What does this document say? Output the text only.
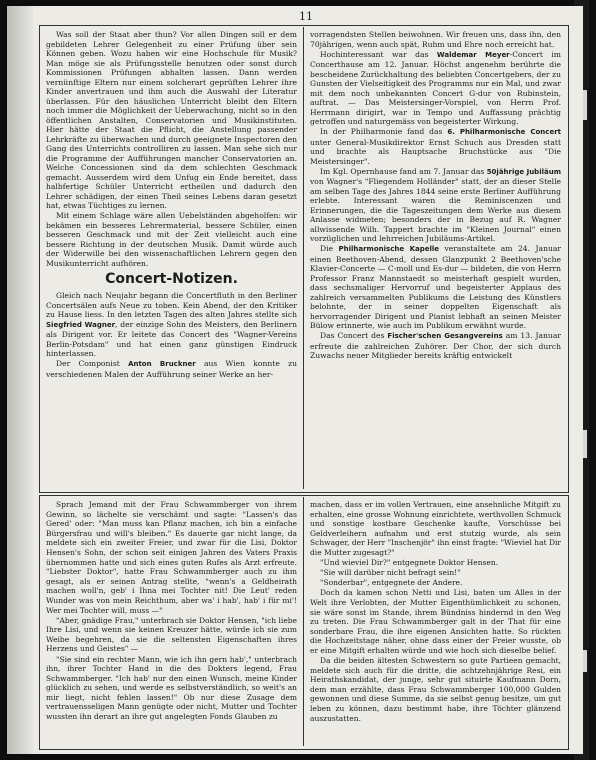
11

Was soll der Staat aber thun? Vor allen Dingen soll er dem gebildeten Lehrer Gelegenheit zu einer Prüfung über sein Können geben. Wozu haben wir eine Hochschule für Musik? Man möge sie als Prüfungsstelle benutzen oder sonst durch Kommissionen Prüfungen abhalten lassen. Dann werden vernünftige Eltern nur einem solcherart geprüften Lehrer ihre Kinder anvertrauen und ihm auch die Auswahl der Literatur überlassen. Für den häuslichen Unterricht bleibt den Eltern noch immer die Möglichkeit der Ueberwachung, nicht so in den öffentlichen Anstalten, Conservatorien und Musikinstituten. Hier hätte der Staat die Pflicht, die Anstellung passender Lehrkräfte zu überwachen und durch geeignete Inspectoren den Gang des Unterrichts controlliren zu lassen. Man sehe sich nur die Programme der Aufführungen mancher Conservatorien an. Welche Concessionen sind da dem schlechten Geschmack gemacht. Ausserdem wird dem Unfug ein Ende bereitet, dass halbfertige Schüler Unterricht ertheilen und dadurch den Lehrer schädigen, der einen Theil seines Lebens daran gesetzt hat, etwas Tüchtiges zu lernen.

Mit einem Schlage wäre allen Uebelständen abgeholfen: wir bekämen ein besseres Lehrermaterial, bessere Schüler, einen besseren Geschmack und mit der Zeit vielleicht auch eine bessere Richtung in der deutschen Musik. Damit würde auch der Widerwille bei den wissenschaftlichen Lehrern gegen den Musikunterricht aufhören.

Concert-Notizen.

Gleich nach Neujahr begann die Concertfluth in den Berliner Concertsälen aufs Neue zu toben. Kein Abend, der den Kritiker zu Hause liess. In den letzten Tagen des alten Jahres stellte sich Siegfried Wagner, der einzige Sohn des Meisters, den Berlinern als Dirigent vor. Er leitete das Concert des "Wagner-Vereins Berlin-Potsdam" und hat einen ganz günstigen Eindruck hinterlassen.

Der Componist Anton Bruckner aus Wien konnte zu verschiedenen Malen der Aufführung seiner Werke an her-

vorragendsten Stellen beiwohnen. Wir freuen uns, dass ihn, den 70jährigen, wenn auch spät, Ruhm und Ehre noch erreicht hat.

Hochinteressant war das Waldemar Meyer-Concert im Concerthause am 12. Januar. Höchst angenehm berührte die bescheidene Zurückhaltung des beliebten Concertgebers, der zu Gunsten der Vielseitigkeit des Programms nur ein Mal, und zwar mit dem noch unbekannten Concert G-dur von Rubinstein, auftrat. — Das Meistersinger-Vorspiel, von Herrn Prof. Herrmann dirigirt, war in Tempo und Auffassung prächtig getroffen und naturgemäss von begeisterter Wirkung.

In der Philharmonie fand das 6. Philharmonische Concert unter General-Musikdirektor Ernst Schuch aus Dresden statt und brachte als Hauptsache Bruchstücke aus "Die Meistersinger".

Im Kgl. Opernhause fand am 7. Januar das 50jährige Jubiläum von Wagner's "Fliegendem Holländer" statt, der an dieser Stelle am selben Tage des Jahres 1844 seine erste Berliner Aufführung erlebte. Interessant waren die Reminiscenzen und Erinnerungen, die die Tageszeitungen dem Werke aus diesem Anlasse widmeten; besonders der in Bezug auf R. Wagner allwissende Wilh. Tappert brachte im "Kleinen Journal" einen vorzüglichen und lehrreichen Jubiläums-Artikel.

Die Philharmonische Kapelle veranstaltete am 24. Januar einen Beethoven-Abend, dessen Glanzpunkt 2 Beethoven'sche Klavier-Concerte — C-moll und Es-dur — bildeten, die von Herrn Professor Franz Mannstaedt so meisterhaft gespielt wurden, dass sechsmaliger Hervorruf und begeisterter Applaus des zahlreich versammelten Publikums die Leistung des Künstlers belohnte, der in seiner doppelten Eigenschaft als hervorragender Dirigent und Pianist lebhaft an seinen Meister Bülow erinnerte, wie auch im Publikum erwähnt wurde.

Das Concert des Fischer'schen Gesangvereins am 13. Januar erfreute die zahlreichen Zuhörer. Der Chor, der sich durch Zuwachs neuer Mitglieder bereits kräftig entwickelt

Sprach Jemand mit der Frau Schwammberger von ihrem Gewinn, so lächelte sie verschämt und sagte: "Lassen's das Gered' oder: "Man muss kan Pflanz machen, ich bin a einfache Bürgersfrau und will's bleiben." Es dauerte gar nicht lange, da meldete sich ein zweiter Freier, und zwar für die Lisi, Doktor Hensen's Sohn, der schon seit einigen Jahren des Vaters Praxis übernommen hatte und sich eines guten Rufes als Arzt erfreute. "Liebster Doktor", hatte Frau Schwammberger auch zu ihm gesagt, als er seinen Antrag stellte, "wenn's a Geldheirath machen woll'n, geb' i Ihna mei Tochter nit! Die Leut' reden Wunder was von mein Reichthum, aber wa' i hab', hab' i für mi'! Wer mei Tochter will, muss —"

"Aber, gnädige Frau," unterbrach sie Doktor Hensen, "ich liebe Ihre Lisi, und wenn sie keinen Kreuzer hätte, würde ich sie zum Weibe begehren, da sie die seltensten Eigenschaften ihres Herzens und Geistes" —

"Sie sind ein rechter Mann, wie ich ihn gern hab'," unterbrach ihn, ihrer Tochter Hand in die des Dokters legend, Frau Schwammberger. "Ich hab' nur den einen Wunsch, meine Kinder glücklich zu sehen, und werde es selbstverständlich, so weit's an mir liegt, nicht fehlen lassen!" Ob nur diese Zusage dem vertrauensseligen Mann genügte oder nicht, Mutter und Tochter wussten ihn derart an ihre gut angelegten Fonds Glauben zu

machen, dass er im vollen Vertrauen, eine ansehnliche Mitgift zu erhalten, eine grosse Wohnung einrichtete, werthvollen Schmuck und sonstige kostbare Geschenke kaufte, Vorschüsse bei Geldverleihern aufnahm und erst stutzig wurde, als sein Schwager, der Herr "Inschenjör" ihn einst fragte: "Wieviel hat Dir die Mutter zugesagt?"

"Und wieviel Dir?" entgegnete Doktor Hensen.

"Sie will darüber nicht befragt sein!"

"Sonderbar", entgegnete der Andere.

Doch da kamen schon Netti und Lisi, baten um Alles in der Welt ihre Verlobten, der Mutter Eigenthümlichkeit zu schonen, sie wäre sonst im Stande, ihrem Bündniss hindernd in den Weg zu treten. Die Frau Schwammberger galt in der That für eine sonderbare Frau, die ihre eigenen Ansichten hatte. So rückten die Hochzeitstage näher, ohne dass einer der Freier wusste, ob er eine Mitgift erhalten würde und wie hoch sich dieselbe belief.

Da die beiden ältesten Schwestern so gute Partieen gemacht, meldete sich auch für die dritte, die achtzehnjährige Resi, ein Heirathskandidat, der junge, sehr gut situirte Kaufmann Dorn, dem man erzählte, dass Frau Schwammberger 100,000 Gulden gewonnen und diese Summe, da sie selbst genug besitze, um gut leben zu können, dazu bestimmt habe, ihre Töchter glänzend auszustatten.
